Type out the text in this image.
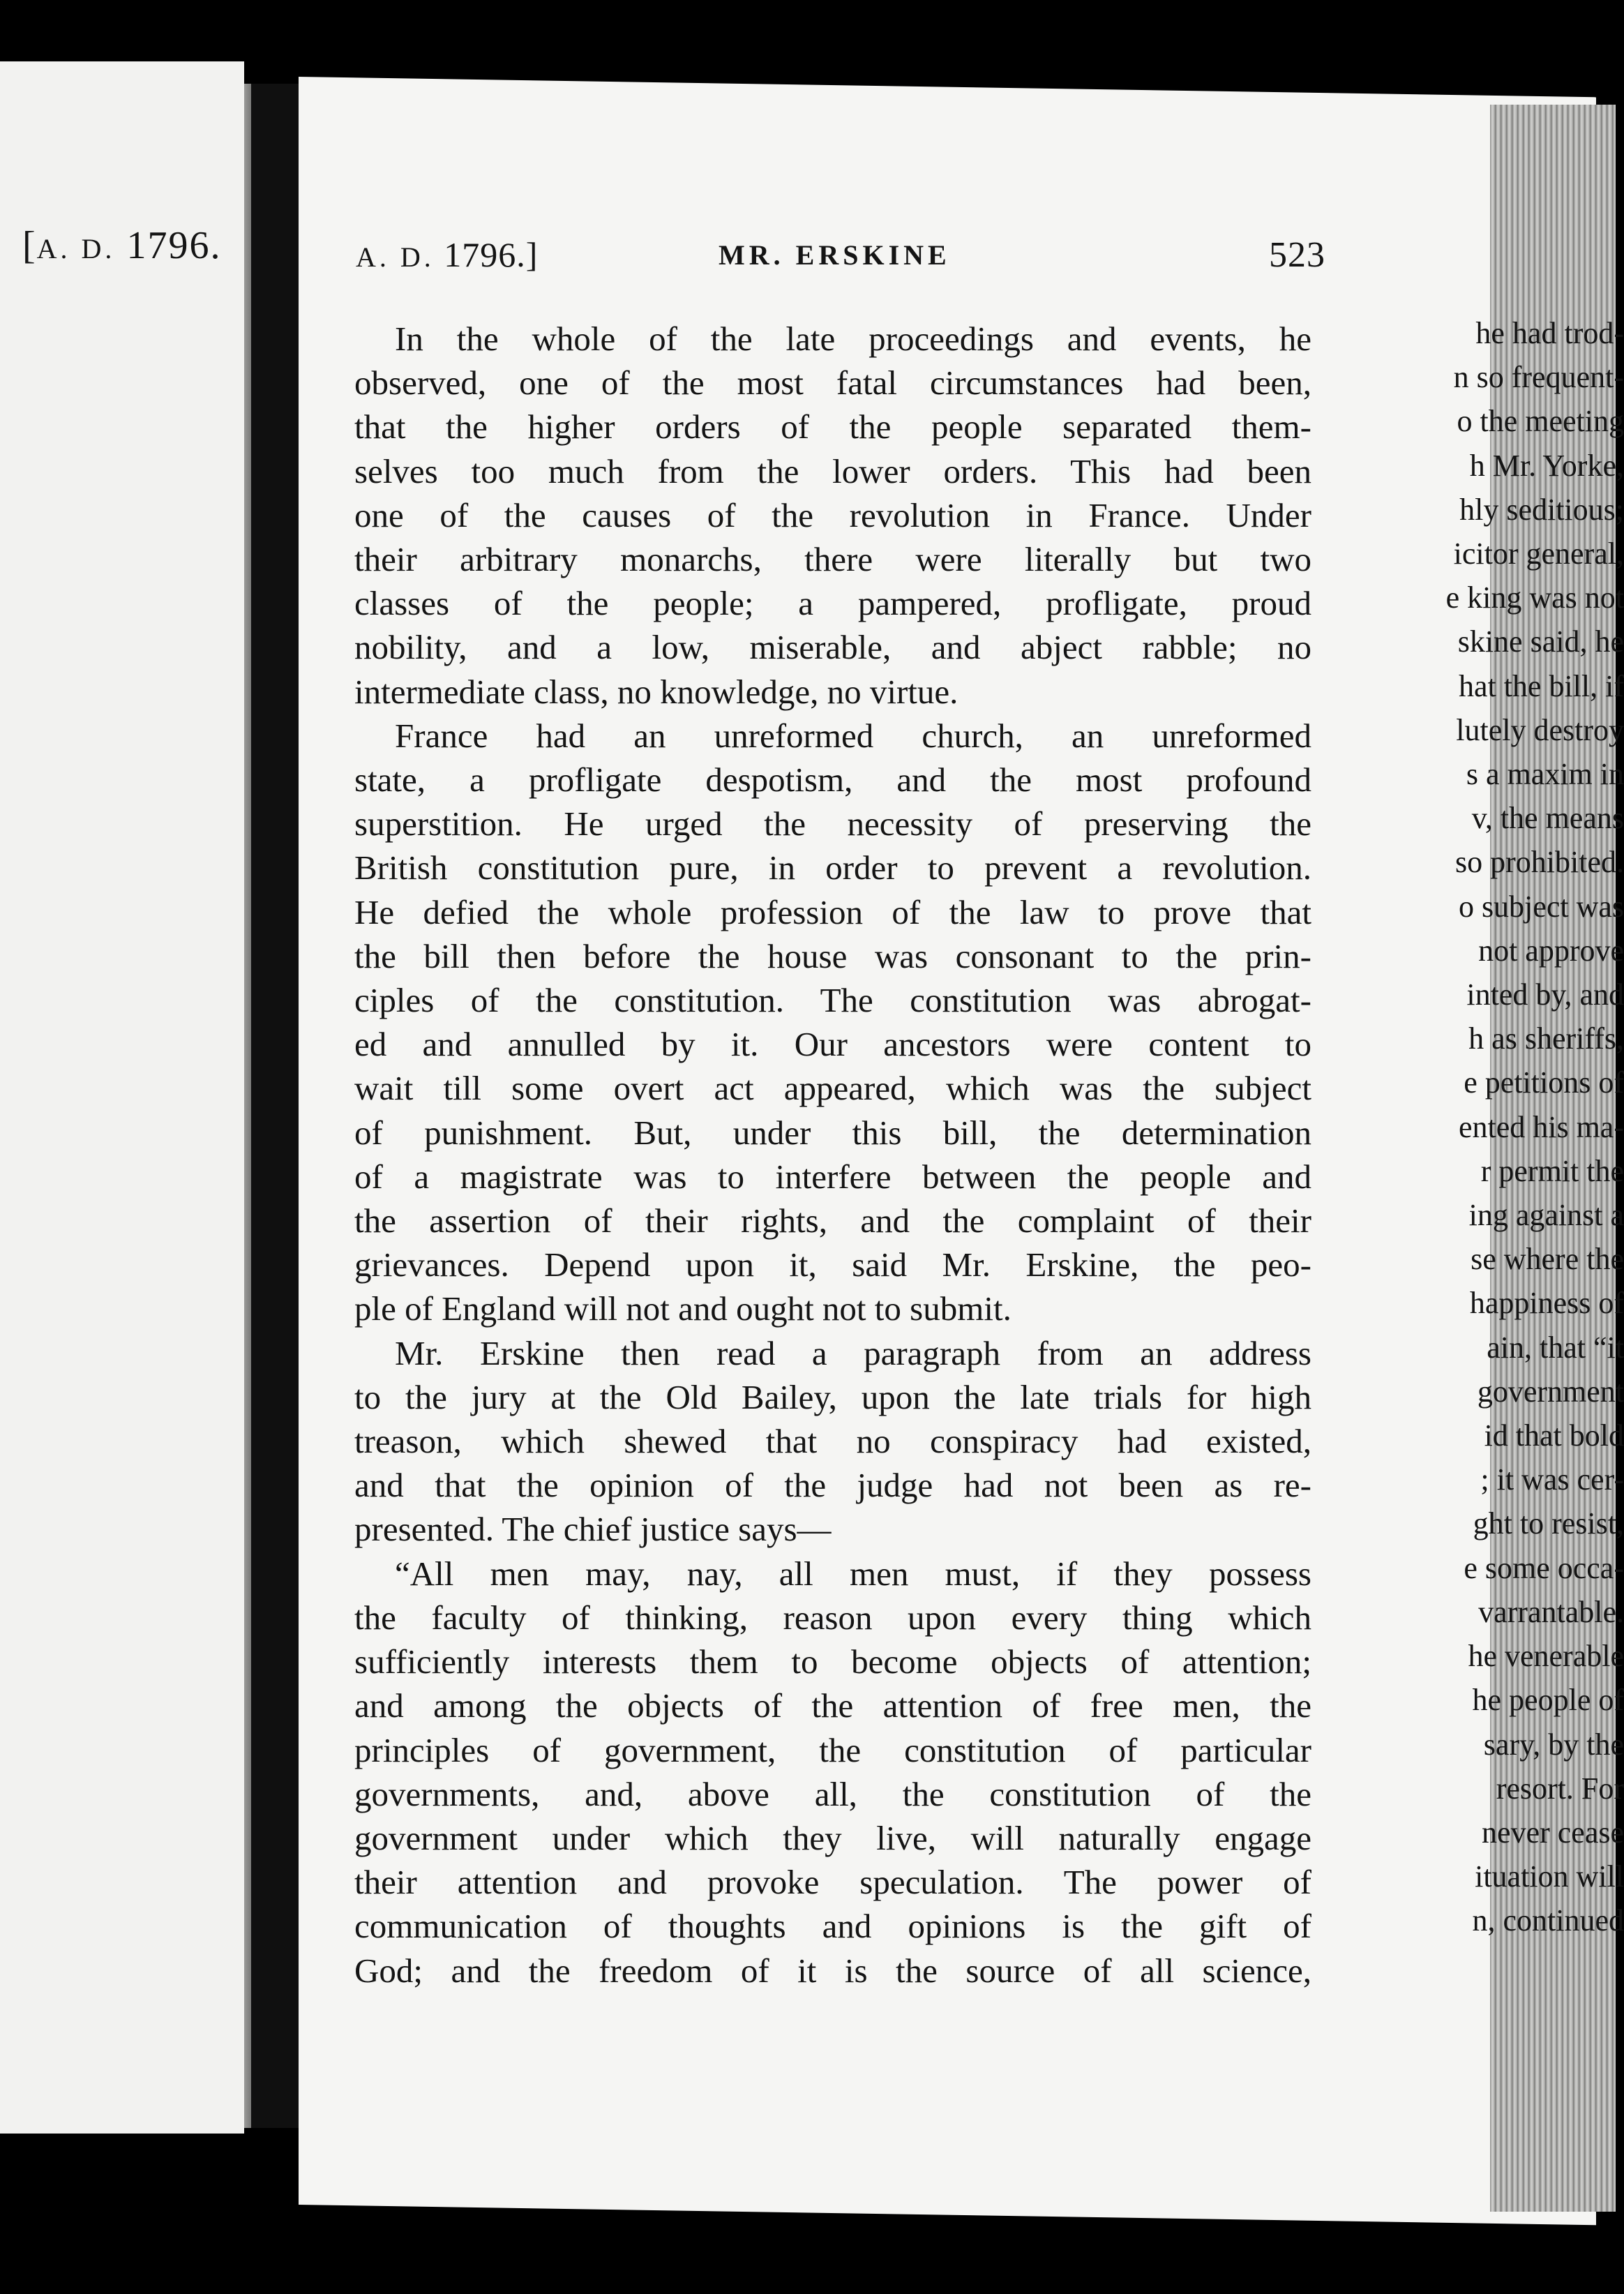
[A. D. 1796.
he had trod-
n so frequent-
o the meeting
h Mr. Yorke,
hly seditious;
icitor general,
e king was not
skine said, he
hat the bill, if
lutely destroy
s a maxim in
v, the means
so prohibited.
o subject was
not approve
inted by, and
h as sheriffs,
e petitions of
ented his ma-
r permit the
ing against a
se where the
happiness of
ain, that “it
government
id that bold
; it was cer-
ght to resist,
e some occa-
varrantable.
he venerable
he people of
sary, by the
resort. For
never cease
ituation will
n, continued
A. D. 1796.]	MR. ERSKINE	523
In the whole of the late proceedings and events, he
observed, one of the most fatal circumstances had been,
that the higher orders of the people separated them-
selves too much from the lower orders. This had been
one of the causes of the revolution in France. Under
their arbitrary monarchs, there were literally but two
classes of the people; a pampered, profligate, proud
nobility, and a low, miserable, and abject rabble; no
intermediate class, no knowledge, no virtue.
France had an unreformed church, an unreformed
state, a profligate despotism, and the most profound
superstition. He urged the necessity of preserving the
British constitution pure, in order to prevent a revolution.
He defied the whole profession of the law to prove that
the bill then before the house was consonant to the prin-
ciples of the constitution. The constitution was abrogat-
ed and annulled by it. Our ancestors were content to
wait till some overt act appeared, which was the subject
of punishment. But, under this bill, the determination
of a magistrate was to interfere between the people and
the assertion of their rights, and the complaint of their
grievances. Depend upon it, said Mr. Erskine, the peo-
ple of England will not and ought not to submit.
Mr. Erskine then read a paragraph from an address
to the jury at the Old Bailey, upon the late trials for high
treason, which shewed that no conspiracy had existed,
and that the opinion of the judge had not been as re-
presented. The chief justice says—
“All men may, nay, all men must, if they possess
the faculty of thinking, reason upon every thing which
sufficiently interests them to become objects of attention;
and among the objects of the attention of free men, the
principles of government, the constitution of particular
governments, and, above all, the constitution of the
government under which they live, will naturally engage
their attention and provoke speculation. The power of
communication of thoughts and opinions is the gift of
God; and the freedom of it is the source of all science,
